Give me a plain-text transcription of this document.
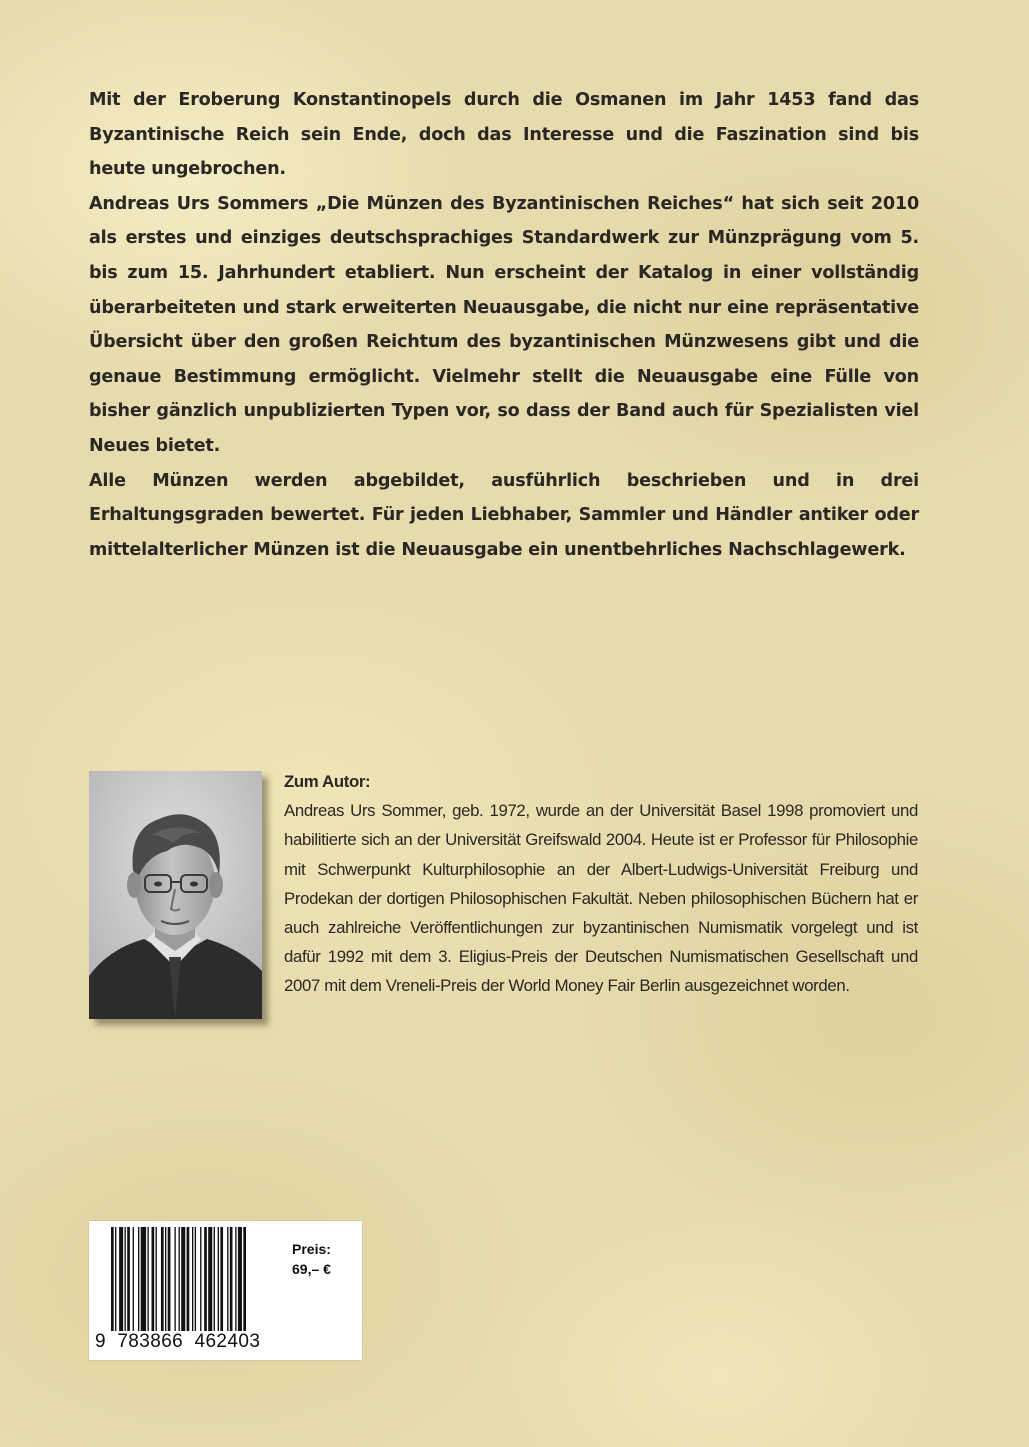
Mit der Eroberung Konstantinopels durch die Osmanen im Jahr 1453 fand das Byzantinische Reich sein Ende, doch das Interesse und die Faszination sind bis heute ungebrochen.

Andreas Urs Sommers „Die Münzen des Byzantinischen Reiches“ hat sich seit 2010 als erstes und einziges deutschsprachiges Standardwerk zur Münzprägung vom 5. bis zum 15. Jahrhundert etabliert. Nun erscheint der Katalog in einer vollständig überarbeiteten und stark erweiterten Neuausgabe, die nicht nur eine repräsentative Übersicht über den großen Reichtum des byzantinischen Münzwesens gibt und die genaue Bestimmung ermöglicht. Vielmehr stellt die Neuausgabe eine Fülle von bisher gänzlich unpublizierten Typen vor, so dass der Band auch für Spezialisten viel Neues bietet.

Alle Münzen werden abgebildet, ausführlich beschrieben und in drei Erhaltungsgraden bewertet. Für jeden Liebhaber, Sammler und Händler antiker oder mittelalterlicher Münzen ist die Neuausgabe ein unentbehrliches Nachschlagewerk.

Zum Autor:

Andreas Urs Sommer, geb. 1972, wurde an der Universität Basel 1998 promoviert und habilitierte sich an der Universität Greifswald 2004. Heute ist er Professor für Philosophie mit Schwerpunkt Kulturphilosophie an der Albert-Ludwigs-Universität Freiburg und Prodekan der dortigen Philosophischen Fakultät. Neben philosophischen Büchern hat er auch zahlreiche Veröffentlichungen zur byzantinischen Numismatik vorgelegt und ist dafür 1992 mit dem 3. Eligius-Preis der Deutschen Numismatischen Gesellschaft und 2007 mit dem Vreneli-Preis der World Money Fair Berlin ausgezeichnet worden.

9  783866  462403
Preis:
69,– €
